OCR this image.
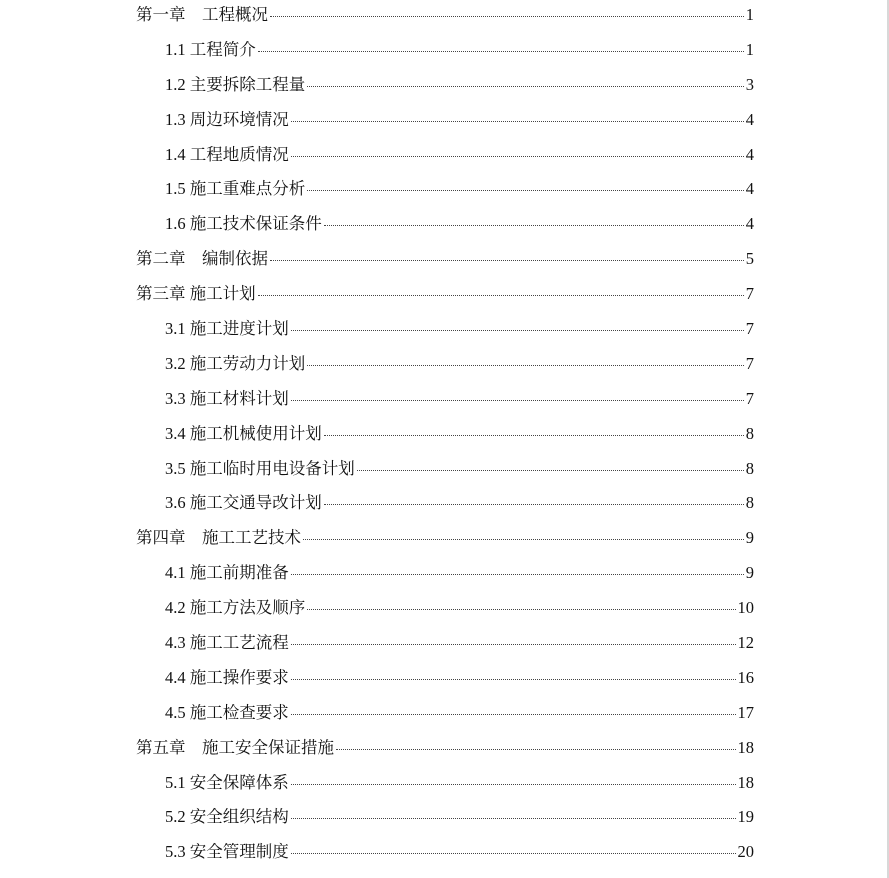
第一章　工程概况	1
1.1 工程简介	1
1.2 主要拆除工程量	3
1.3 周边环境情况	4
1.4 工程地质情况	4
1.5 施工重难点分析	4
1.6 施工技术保证条件	4
第二章　编制依据	5
第三章 施工计划	7
3.1 施工进度计划	7
3.2 施工劳动力计划	7
3.3 施工材料计划	7
3.4 施工机械使用计划	8
3.5 施工临时用电设备计划	8
3.6 施工交通导改计划	8
第四章　施工工艺技术	9
4.1 施工前期准备	9
4.2 施工方法及顺序	10
4.3 施工工艺流程	12
4.4 施工操作要求	16
4.5 施工检查要求	17
第五章　施工安全保证措施	18
5.1 安全保障体系	18
5.2 安全组织结构	19
5.3 安全管理制度	20
